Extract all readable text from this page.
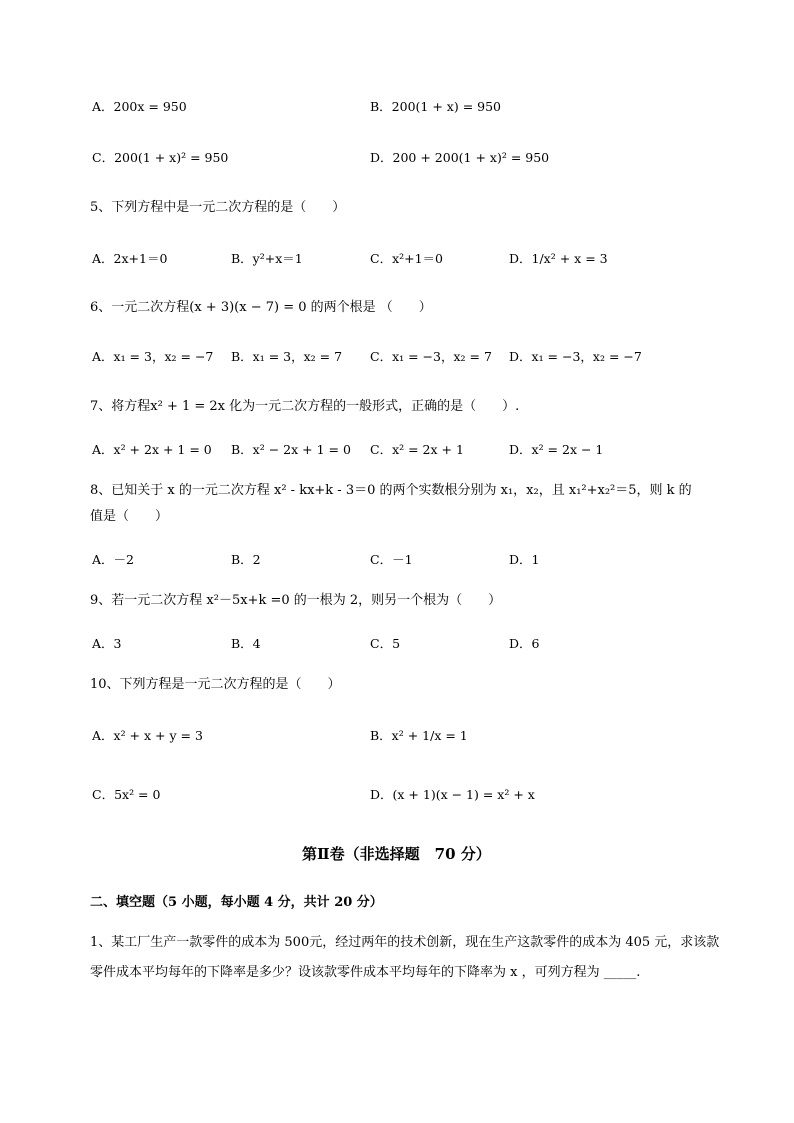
A．200x = 950	B．200(1 + x) = 950
C．200(1 + x)² = 950	D．200 + 200(1 + x)² = 950
5、下列方程中是一元二次方程的是（　　）
A．2x+1＝0	B．y²+x＝1	C．x²+1＝0	D．1/x² + x = 3
6、一元二次方程(x + 3)(x − 7) = 0 的两个根是 （　　）
A．x₁ = 3，x₂ = −7 B．x₁ = 3，x₂ = 7 C．x₁ = −3，x₂ = 7 D．x₁ = −3，x₂ = −7
7、将方程x² + 1 = 2x 化为一元二次方程的一般形式，正确的是（　　）.
A．x² + 2x + 1 = 0 B．x² − 2x + 1 = 0 C．x² = 2x + 1	D．x² = 2x − 1
8、已知关于 x 的一元二次方程 x² - kx+k - 3＝0 的两个实数根分别为 x₁，x₂，且 x₁²+x₂²＝5，则 k 的
值是（　　）
A．－2	B．2	C．－1	D．1
9、若一元二次方程 x²－5x+k =0 的一根为 2，则另一个根为（　　）
A．3	B．4	C．5	D．6
10、下列方程是一元二次方程的是（　　）
A．x² + x + y = 3	B．x² + 1/x = 1
C．5x² = 0	D．(x + 1)(x − 1) = x² + x
第Ⅱ卷（非选择题　70 分）
二、填空题（5 小题，每小题 4 分，共计 20 分）
1、某工厂生产一款零件的成本为 500元，经过两年的技术创新，现在生产这款零件的成本为 405 元，求该款零件成本平均每年的下降率是多少？设该款零件成本平均每年的下降率为 x ，可列方程为 _____.
